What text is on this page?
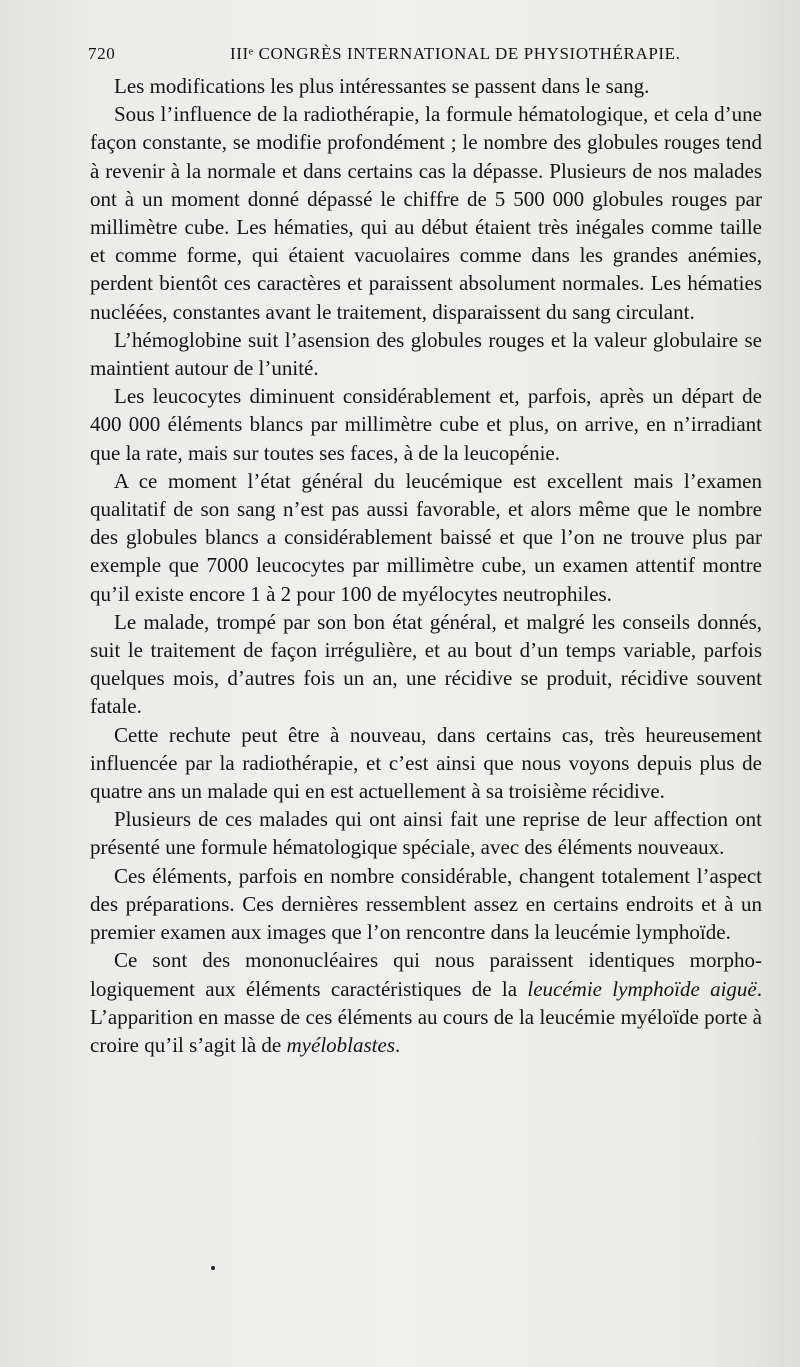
720	IIIᵉ CONGRÈS INTERNATIONAL DE PHYSIOTHÉRAPIE.

Les modifications les plus intéressantes se passent dans le sang.

Sous l’influence de la radiothérapie, la formule hématologique, et cela d’une façon constante, se modifie profondément ; le nombre des globules rouges tend à revenir à la normale et dans certains cas la dépasse. Plusieurs de nos malades ont à un moment donné dépassé le chiffre de 5 500 000 globules rouges par millimètre cube. Les hématies, qui au début étaient très inégales comme taille et comme forme, qui étaient vacuolaires comme dans les grandes anémies, perdent bientôt ces caractères et paraissent absolument normales. Les hématies nucléées, constantes avant le traitement, disparaissent du sang circulant.

L’hémoglobine suit l’asension des globules rouges et la valeur globulaire se maintient autour de l’unité.

Les leucocytes diminuent considérablement et, parfois, après un départ de 400 000 éléments blancs par millimètre cube et plus, on arrive, en n’irradiant que la rate, mais sur toutes ses faces, à de la leucopénie.

A ce moment l’état général du leucémique est excellent mais l’examen qualitatif de son sang n’est pas aussi favorable, et alors même que le nombre des globules blancs a considérablement baissé et que l’on ne trouve plus par exemple que 7000 leucocytes par millimètre cube, un examen attentif montre qu’il existe encore 1 à 2 pour 100 de myélocytes neutrophiles.

Le malade, trompé par son bon état général, et malgré les conseils donnés, suit le traitement de façon irrégulière, et au bout d’un temps variable, parfois quelques mois, d’autres fois un an, une récidive se produit, récidive souvent fatale.

Cette rechute peut être à nouveau, dans certains cas, très heureusement influencée par la radiothérapie, et c’est ainsi que nous voyons depuis plus de quatre ans un malade qui en est actuellement à sa troisième récidive.

Plusieurs de ces malades qui ont ainsi fait une reprise de leur affection ont présenté une formule hématologique spéciale, avec des éléments nouveaux.

Ces éléments, parfois en nombre considérable, changent totalement l’aspect des préparations. Ces dernières ressemblent assez en certains endroits et à un premier examen aux images que l’on rencontre dans la leucémie lymphoïde.

Ce sont des mononucléaires qui nous paraissent identiques morphologiquement aux éléments caractéristiques de la leucémie lymphoïde aiguë. L’apparition en masse de ces éléments au cours de la leucémie myéloïde porte à croire qu’il s’agit là de myéloblastes.
